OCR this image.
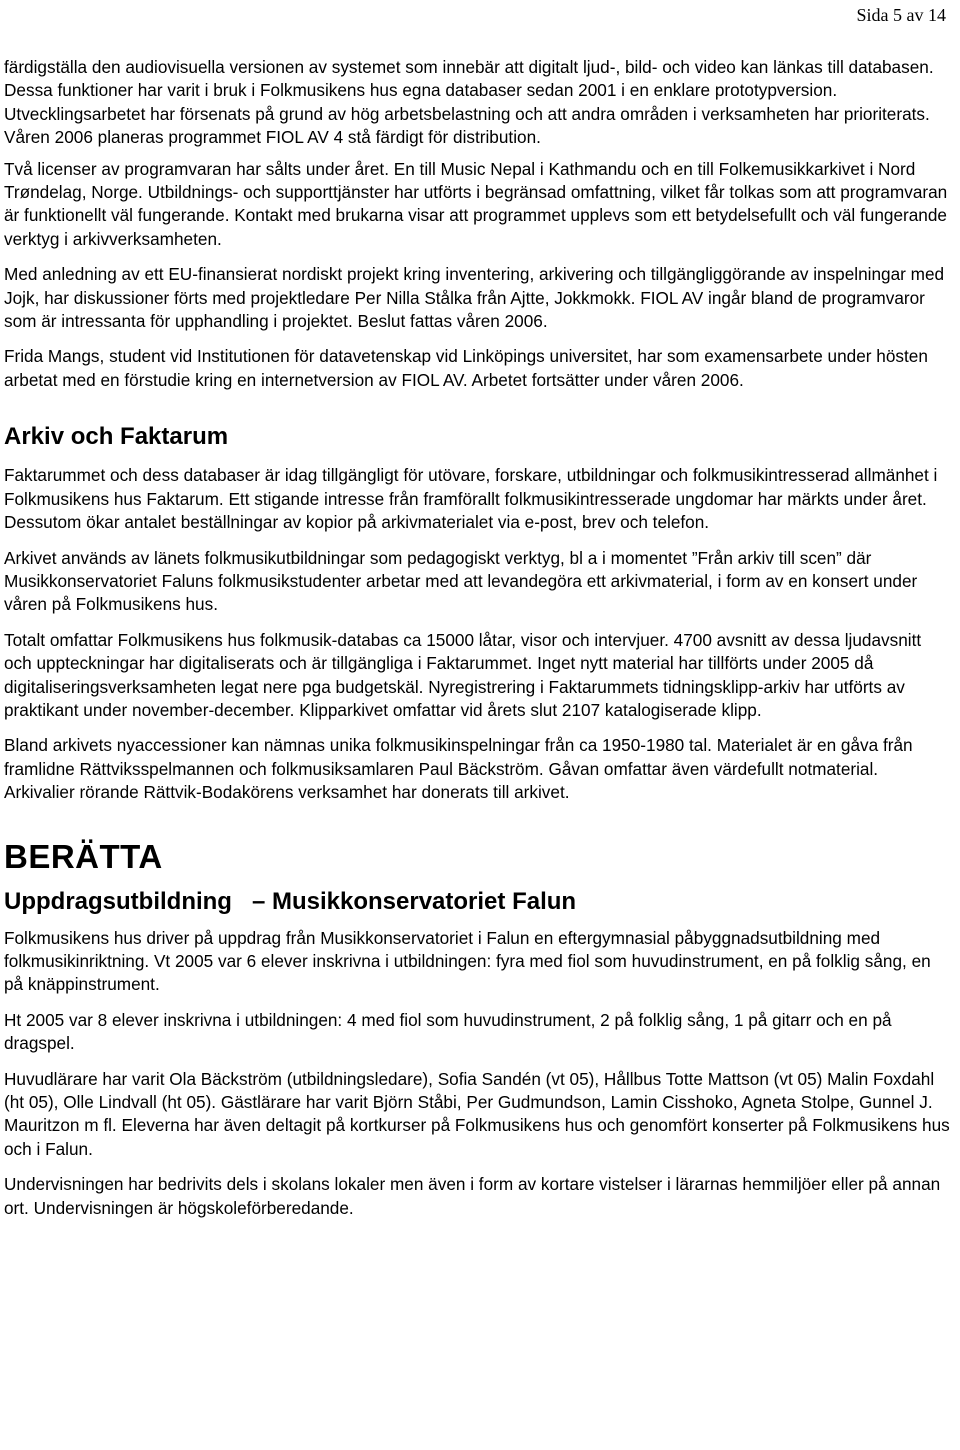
Sida 5 av 14

färdigställa den audiovisuella versionen av systemet som innebär att digitalt ljud-, bild- och video kan länkas till databasen. Dessa funktioner har varit i bruk i Folkmusikens hus egna databaser sedan 2001 i en enklare prototypversion. Utvecklingsarbetet har försenats på grund av hög arbetsbelastning och att andra områden i verksamheten har prioriterats. Våren 2006 planeras programmet FIOL AV 4 stå färdigt för distribution.

Två licenser av programvaran har sålts under året. En till Music Nepal i Kathmandu och en till Folkemusikkarkivet i Nord Trøndelag, Norge. Utbildnings- och supporttjänster har utförts i begränsad omfattning, vilket får tolkas som att programvaran är funktionellt väl fungerande. Kontakt med brukarna visar att programmet upplevs som ett betydelsefullt och väl fungerande verktyg i arkivverksamheten.

Med anledning av ett EU-finansierat nordiskt projekt kring inventering, arkivering och tillgängliggörande av inspelningar med Jojk, har diskussioner förts med projektledare Per Nilla Stålka från Ajtte, Jokkmokk. FIOL AV ingår bland de programvaror som är intressanta för upphandling i projektet. Beslut fattas våren 2006.

Frida Mangs, student vid Institutionen för datavetenskap vid Linköpings universitet, har som examensarbete under hösten arbetat med en förstudie kring en internetversion av FIOL AV. Arbetet fortsätter under våren 2006.

Arkiv och Faktarum

Faktarummet och dess databaser är idag tillgängligt för utövare, forskare, utbildningar och folkmusikintresserad allmänhet i Folkmusikens hus Faktarum. Ett stigande intresse från framförallt folkmusikintresserade ungdomar har märkts under året. Dessutom ökar antalet beställningar av kopior på arkivmaterialet via e-post, brev och telefon.

Arkivet används av länets folkmusikutbildningar som pedagogiskt verktyg, bl a i momentet ”Från arkiv till scen” där Musikkonservatoriet Faluns folkmusikstudenter arbetar med att levandegöra ett arkivmaterial, i form av en konsert under våren på Folkmusikens hus.

Totalt omfattar Folkmusikens hus folkmusik-databas ca 15000 låtar, visor och intervjuer. 4700 avsnitt av dessa ljudavsnitt och uppteckningar har digitaliserats och är tillgängliga i Faktarummet. Inget nytt material har tillförts under 2005 då digitaliseringsverksamheten legat nere pga budgetskäl. Nyregistrering i Faktarummets tidningsklipp-arkiv har utförts av praktikant under november-december. Klipparkivet omfattar vid årets slut 2107 katalogiserade klipp.

Bland arkivets nyaccessioner kan nämnas unika folkmusikinspelningar från ca 1950-1980 tal. Materialet är en gåva från framlidne Rättviksspelmannen och folkmusiksamlaren Paul Bäckström. Gåvan omfattar även värdefullt notmaterial. Arkivalier rörande Rättvik-Bodakörens verksamhet har donerats till arkivet.

BERÄTTA
Uppdragsutbildning   – Musikkonservatoriet Falun

Folkmusikens hus driver på uppdrag från Musikkonservatoriet i Falun en eftergymnasial påbyggnadsutbildning med folkmusikinriktning. Vt 2005 var 6 elever inskrivna i utbildningen: fyra med fiol som huvudinstrument, en på folklig sång, en på knäppinstrument.

Ht 2005 var 8 elever inskrivna i utbildningen: 4 med fiol som huvudinstrument, 2 på folklig sång, 1 på gitarr och en på dragspel.

Huvudlärare har varit Ola Bäckström (utbildningsledare), Sofia Sandén (vt 05), Hållbus Totte Mattson (vt 05) Malin Foxdahl (ht 05), Olle Lindvall (ht 05). Gästlärare har varit Björn Ståbi, Per Gudmundson, Lamin Cisshoko, Agneta Stolpe, Gunnel J. Mauritzon m fl. Eleverna har även deltagit på kortkurser på Folkmusikens hus och genomfört konserter på Folkmusikens hus och i Falun.

Undervisningen har bedrivits dels i skolans lokaler men även i form av kortare vistelser i lärarnas hemmiljöer eller på annan ort. Undervisningen är högskoleförberedande.
